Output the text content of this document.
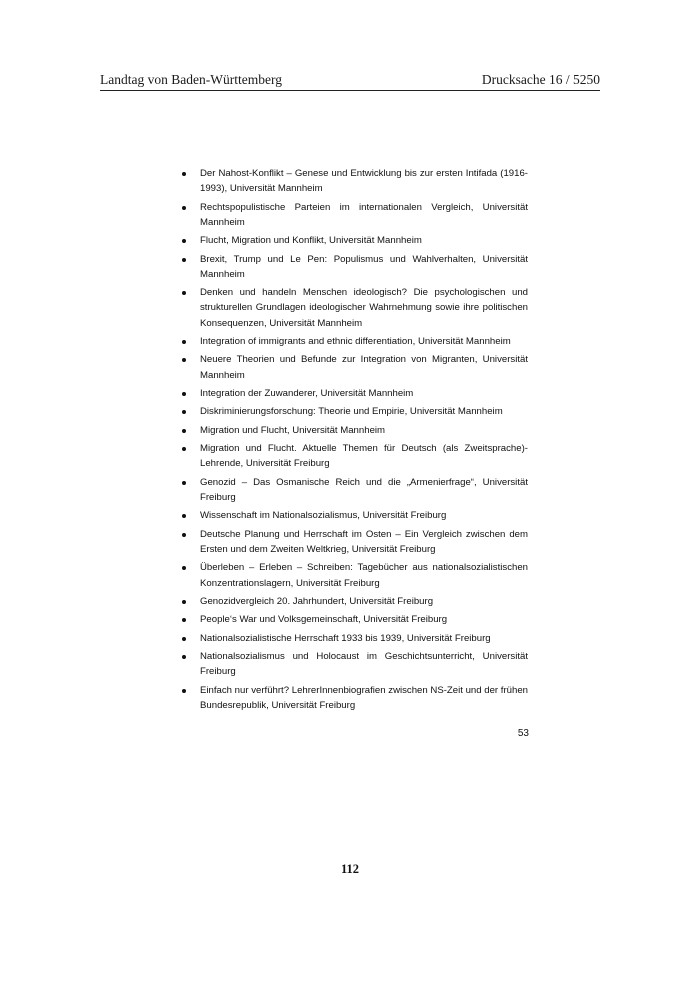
Landtag von Baden-Württemberg	Drucksache 16 / 5250
Der Nahost-Konflikt – Genese und Entwicklung bis zur ersten Intifada (1916-1993), Universität Mannheim
Rechtspopulistische Parteien im internationalen Vergleich, Universität Mannheim
Flucht, Migration und Konflikt, Universität Mannheim
Brexit, Trump und Le Pen: Populismus und Wahlverhalten, Universität Mannheim
Denken und handeln Menschen ideologisch? Die psychologischen und strukturellen Grundlagen ideologischer Wahrnehmung sowie ihre politischen Konsequenzen, Universität Mannheim
Integration of immigrants and ethnic differentiation, Universität Mannheim
Neuere Theorien und Befunde zur Integration von Migranten, Universität Mannheim
Integration der Zuwanderer, Universität Mannheim
Diskriminierungsforschung: Theorie und Empirie, Universität Mannheim
Migration und Flucht, Universität Mannheim
Migration und Flucht. Aktuelle Themen für Deutsch (als Zweitsprache)-Lehrende, Universität Freiburg
Genozid – Das Osmanische Reich und die „Armenierfrage“, Universität Freiburg
Wissenschaft im Nationalsozialismus, Universität Freiburg
Deutsche Planung und Herrschaft im Osten – Ein Vergleich zwischen dem Ersten und dem Zweiten Weltkrieg, Universität Freiburg
Überleben – Erleben – Schreiben: Tagebücher aus nationalsozialistischen Konzentrationslagern, Universität Freiburg
Genozidvergleich 20. Jahrhundert, Universität Freiburg
People‘s War und Volksgemeinschaft, Universität Freiburg
Nationalsozialistische Herrschaft 1933 bis 1939, Universität Freiburg
Nationalsozialismus und Holocaust im Geschichtsunterricht, Universität Freiburg
Einfach nur verführt? LehrerInnenbiografien zwischen NS-Zeit und der frühen Bundesrepublik, Universität Freiburg
53
112
